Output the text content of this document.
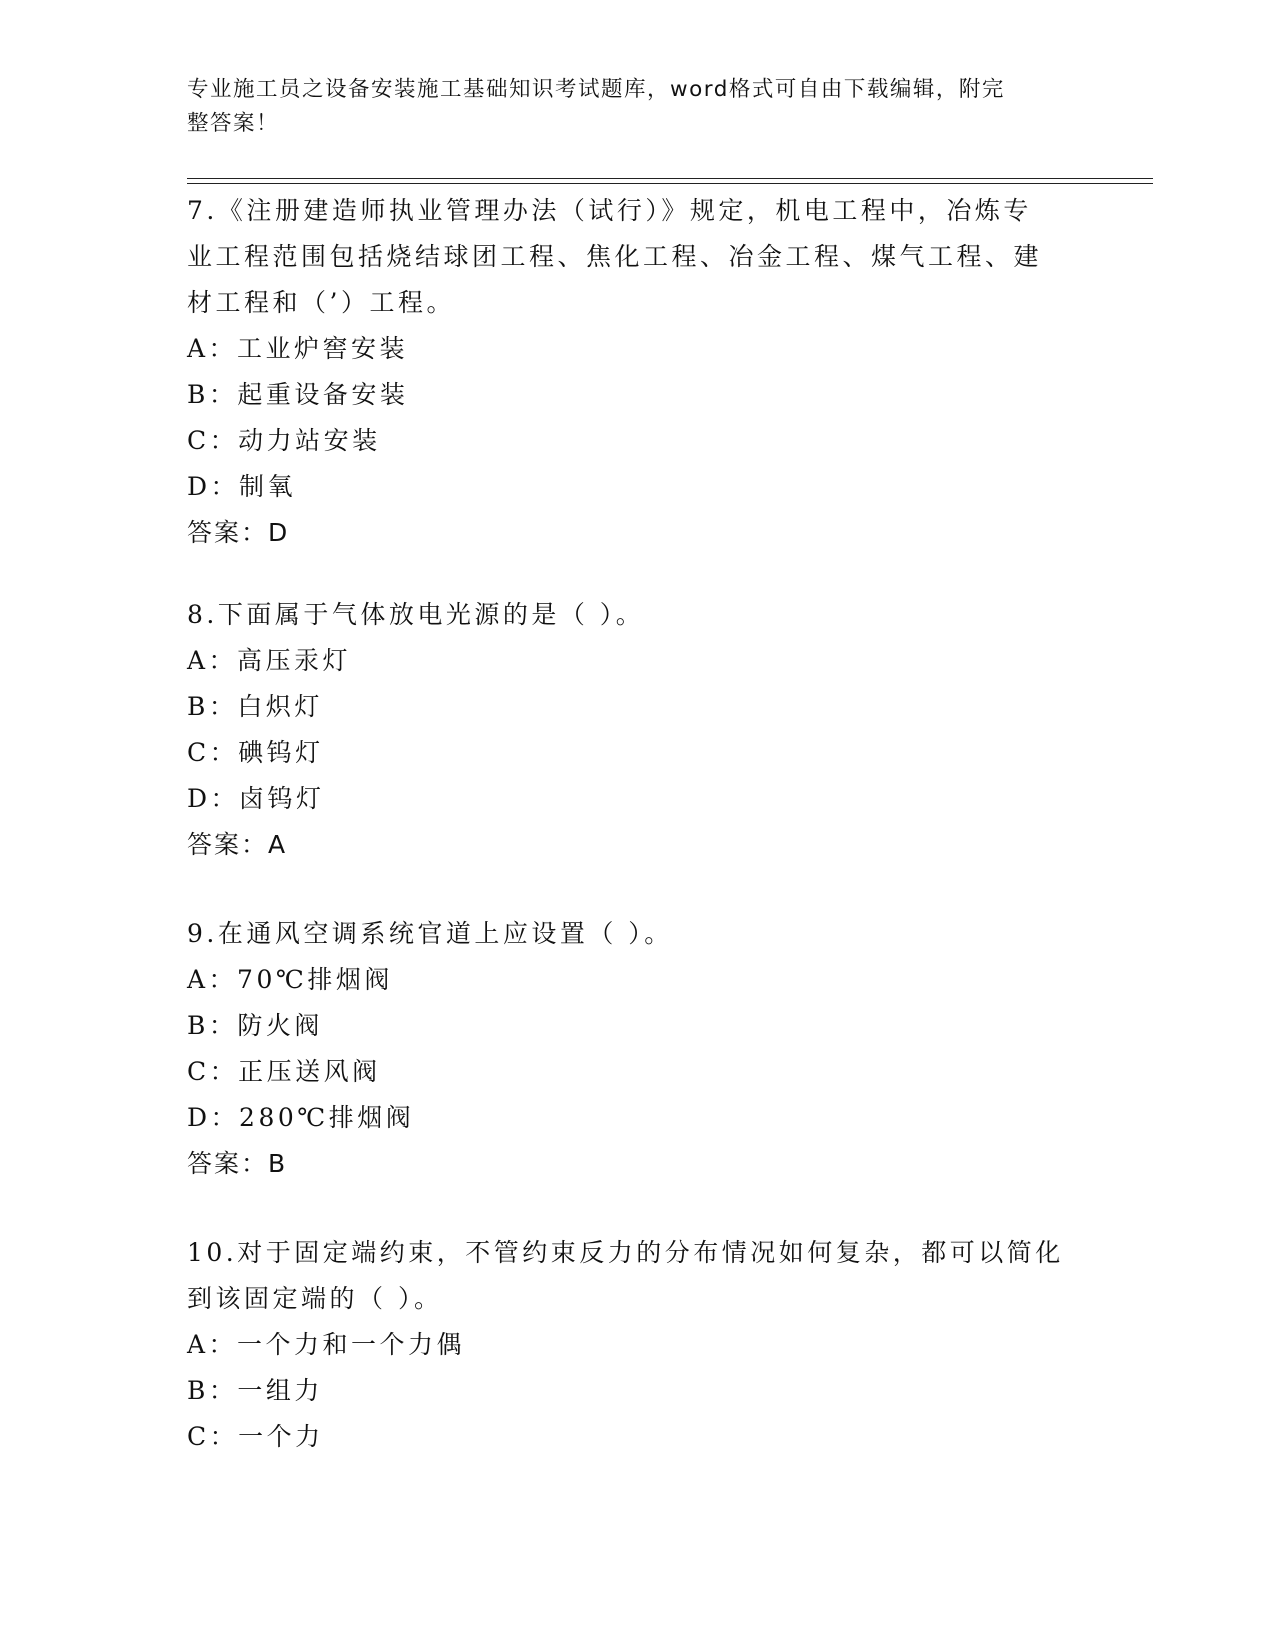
专业施工员之设备安装施工基础知识考试题库，word格式可自由下载编辑，附完
整答案！
7.《注册建造师执业管理办法（试行）》规定，机电工程中，冶炼专
业工程范围包括烧结球团工程、焦化工程、冶金工程、煤气工程、建
材工程和（’）工程。
A：工业炉窖安装
B：起重设备安装
C：动力站安装
D：制氧
答案：D
8.下面属于气体放电光源的是（ ）。
A：高压汞灯
B：白炽灯
C：碘钨灯
D：卤钨灯
答案：A
9.在通风空调系统官道上应设置（ ）。
A：70℃排烟阀
B：防火阀
C：正压送风阀
D：280℃排烟阀
答案：B
10.对于固定端约束，不管约束反力的分布情况如何复杂，都可以简化
到该固定端的（ ）。
A：一个力和一个力偶
B：一组力
C：一个力
